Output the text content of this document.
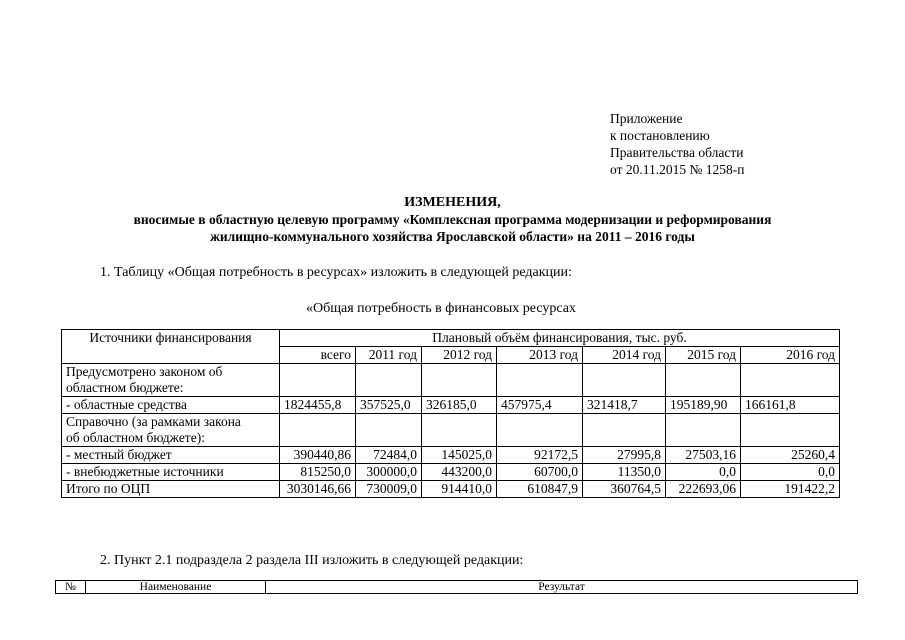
Приложение
к постановлению
Правительства области
от 20.11.2015 № 1258-п
ИЗМЕНЕНИЯ,
вносимые в областную целевую программу «Комплексная программа модернизации и реформирования
жилищно-коммунального хозяйства Ярославской области» на 2011 – 2016 годы
1. Таблицу «Общая потребность в ресурсах» изложить в следующей редакции:
«Общая потребность в финансовых ресурсах
Источники финансирования	Плановый объём финансирования, тыс. руб.						
	всего	2011 год	2012 год	2013 год	2014 год	2015 год	2016 год

Предусмотрено законом об
областном бюджете:							

- областные средства	1824455,8	357525,0	326185,0	457975,4	321418,7	195189,90	166161,8

Справочно (за рамками закона
об областном бюджете):							

- местный бюджет	390440,86	72484,0	145025,0	92172,5	27995,8	27503,16	25260,4
- внебюджетные источники	815250,0	300000,0	443200,0	60700,0	11350,0	0,0	0,0
Итого по ОЦП	3030146,66	730009,0	914410,0	610847,9	360764,5	222693,06	191422,2
2. Пункт 2.1 подраздела 2 раздела III изложить в следующей редакции:
№	Наименование	Результат
